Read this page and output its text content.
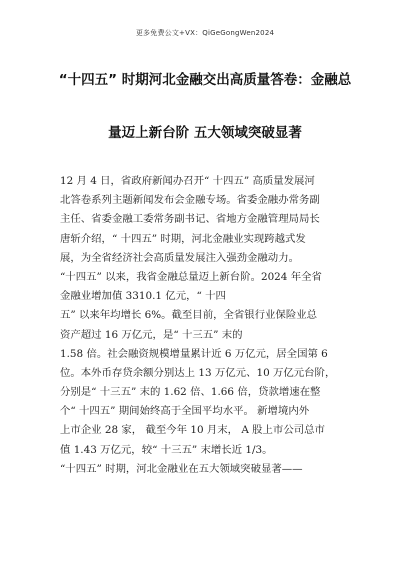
更多免费公文+VX：QiGeGongWen2024
“十四五” 时期河北金融交出高质量答卷：金融总
量迈上新台阶 五大领域突破显著
12 月 4 日，省政府新闻办召开“ 十四五” 高质量发展河
北答卷系列主题新闻发布会金融专场。省委金融办常务副
主任、省委金融工委常务副书记、省地方金融管理局局长
唐斩介绍，“ 十四五” 时期，河北金融业实现跨越式发
展，为全省经济社会高质量发展注入强劲金融动力。
“十四五” 以来，我省金融总量迈上新台阶。2024 年全省
金融业增加值 3310.1 亿元，“ 十四
五” 以来年均增长 6%。截至目前，全省银行业保险业总
资产超过 16 万亿元，是“ 十三五” 末的
1.58 倍。社会融资规模增量累计近 6 万亿元，居全国第 6
位。本外币存贷余额分别达上 13 万亿元、10 万亿元台阶，
分别是“ 十三五” 末的 1.62 倍、1.66 倍，贷款增速在整
个“ 十四五” 期间始终高于全国平均水平。 新增境内外
上市企业 28 家， 截至今年 10 月末， A 股上市公司总市
值 1.43 万亿元，较“ 十三五” 末增长近 1/3。
“十四五” 时期，河北金融业在五大领域突破显著——
